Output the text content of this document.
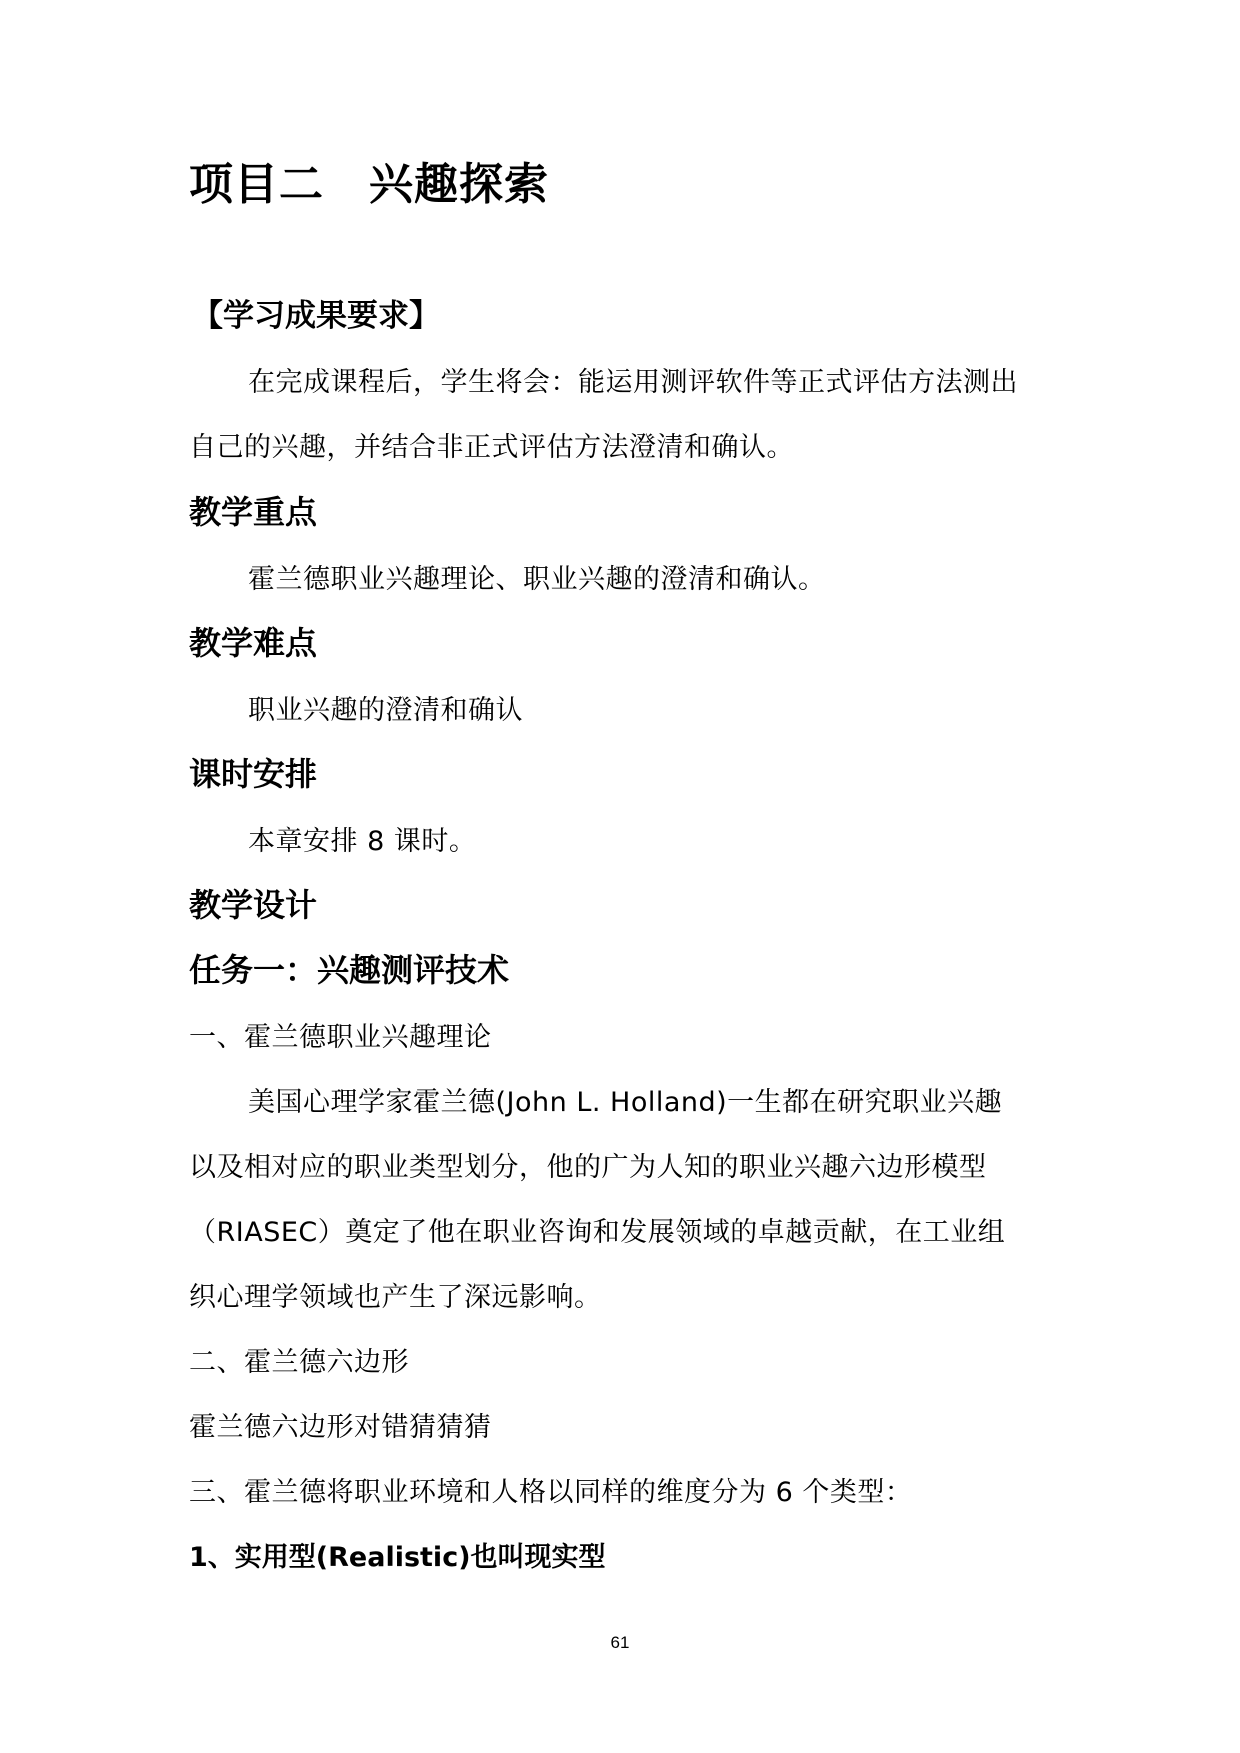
项目二　兴趣探索
【学习成果要求】

在完成课程后，学生将会：能运用测评软件等正式评估方法测出

自己的兴趣，并结合非正式评估方法澄清和确认。

教学重点

霍兰德职业兴趣理论、职业兴趣的澄清和确认。

教学难点

职业兴趣的澄清和确认

课时安排

本章安排 8 课时。

教学设计
任务一：兴趣测评技术

一、霍兰德职业兴趣理论

美国心理学家霍兰德(John L. Holland)一生都在研究职业兴趣

以及相对应的职业类型划分，他的广为人知的职业兴趣六边形模型

（RIASEC）奠定了他在职业咨询和发展领域的卓越贡献，在工业组

织心理学领域也产生了深远影响。

二、霍兰德六边形

霍兰德六边形对错猜猜猜

三、霍兰德将职业环境和人格以同样的维度分为 6 个类型：

1、实用型(Realistic)也叫现实型

61
